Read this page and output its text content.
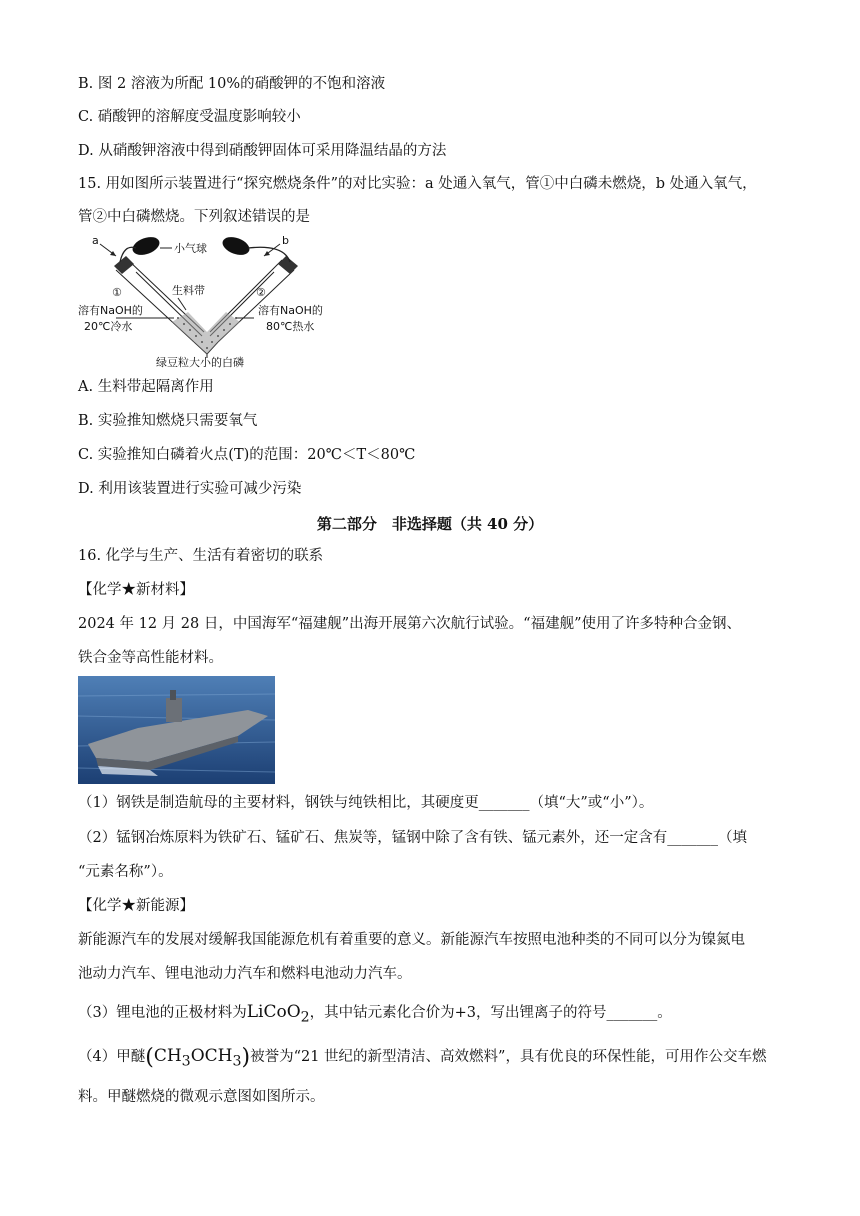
B. 图 2 溶液为所配 10%的硝酸钾的不饱和溶液
C. 硝酸钾的溶解度受温度影响较小
D. 从硝酸钾溶液中得到硝酸钾固体可采用降温结晶的方法
15. 用如图所示装置进行“探究燃烧条件”的对比实验：a 处通入氧气，管①中白磷未燃烧，b 处通入氧气，
管②中白磷燃烧。下列叙述错误的是
a	b
小气球
①	②
生料带
溶有NaOH的
20℃冷水
溶有NaOH的
80℃热水
绿豆粒大小的白磷
A. 生料带起隔离作用
B. 实验推知燃烧只需要氧气
C. 实验推知白磷着火点(T)的范围：20℃＜T＜80℃
D. 利用该装置进行实验可减少污染
第二部分　非选择题（共 40 分）
16. 化学与生产、生活有着密切的联系
【化学★新材料】
2024 年 12 月 28 日，中国海军“福建舰”出海开展第六次航行试验。“福建舰”使用了许多特种合金钢、
铁合金等高性能材料。
（1）钢铁是制造航母的主要材料，钢铁与纯铁相比，其硬度更_______（填“大”或“小”）。
（2）锰钢冶炼原料为铁矿石、锰矿石、焦炭等，锰钢中除了含有铁、锰元素外，还一定含有_______（填
“元素名称”）。
【化学★新能源】
新能源汽车的发展对缓解我国能源危机有着重要的意义。新能源汽车按照电池种类的不同可以分为镍氮电
池动力汽车、锂电池动力汽车和燃料电池动力汽车。
（3）锂电池的正极材料为LiCoO$_2$，其中钴元素化合价为+3，写出锂离子的符号_______。
（4）甲醚$(CH_3OCH_3)$被誉为“21 世纪的新型清洁、高效燃料”，具有优良的环保性能，可用作公交车燃
料。甲醚燃烧的微观示意图如图所示。
